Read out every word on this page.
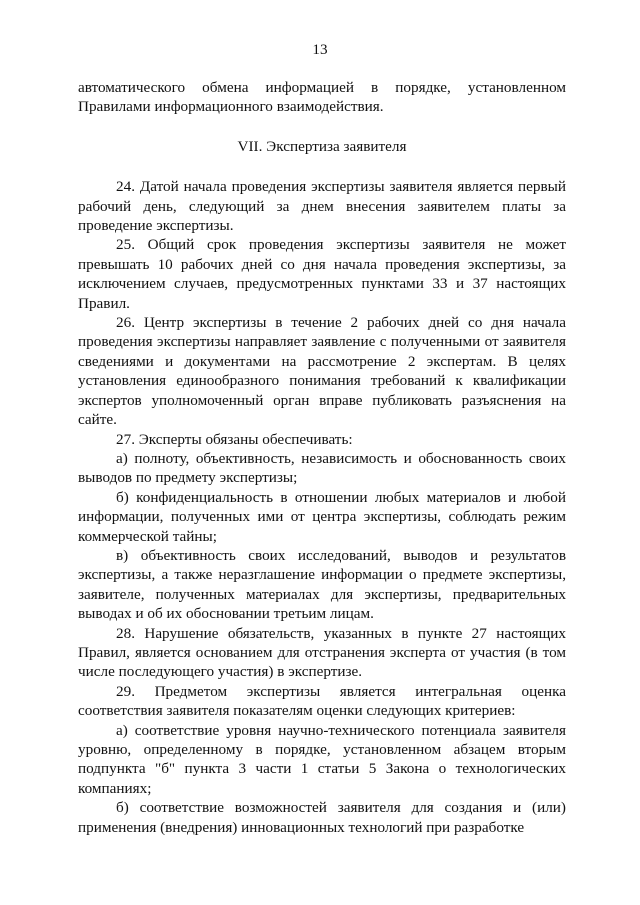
13

автоматического обмена информацией в порядке, установленном Правилами информационного взаимодействия.

VII. Экспертиза заявителя

24. Датой начала проведения экспертизы заявителя является первый рабочий день, следующий за днем внесения заявителем платы за проведение экспертизы.

25. Общий срок проведения экспертизы заявителя не может превышать 10 рабочих дней со дня начала проведения экспертизы, за исключением случаев, предусмотренных пунктами 33 и 37 настоящих Правил.

26. Центр экспертизы в течение 2 рабочих дней со дня начала проведения экспертизы направляет заявление с полученными от заявителя сведениями и документами на рассмотрение 2 экспертам. В целях установления единообразного понимания требований к квалификации экспертов уполномоченный орган вправе публиковать разъяснения на сайте.

27. Эксперты обязаны обеспечивать:

а) полноту, объективность, независимость и обоснованность своих выводов по предмету экспертизы;

б) конфиденциальность в отношении любых материалов и любой информации, полученных ими от центра экспертизы, соблюдать режим коммерческой тайны;

в) объективность своих исследований, выводов и результатов экспертизы, а также неразглашение информации о предмете экспертизы, заявителе, полученных материалах для экспертизы, предварительных выводах и об их обосновании третьим лицам.

28. Нарушение обязательств, указанных в пункте 27 настоящих Правил, является основанием для отстранения эксперта от участия (в том числе последующего участия) в экспертизе.

29. Предметом экспертизы является интегральная оценка соответствия заявителя показателям оценки следующих критериев:

а) соответствие уровня научно-технического потенциала заявителя уровню, определенному в порядке, установленном абзацем вторым подпункта "б" пункта 3 части 1 статьи 5 Закона о технологических компаниях;

б) соответствие возможностей заявителя для создания и (или) применения (внедрения) инновационных технологий при разработке
